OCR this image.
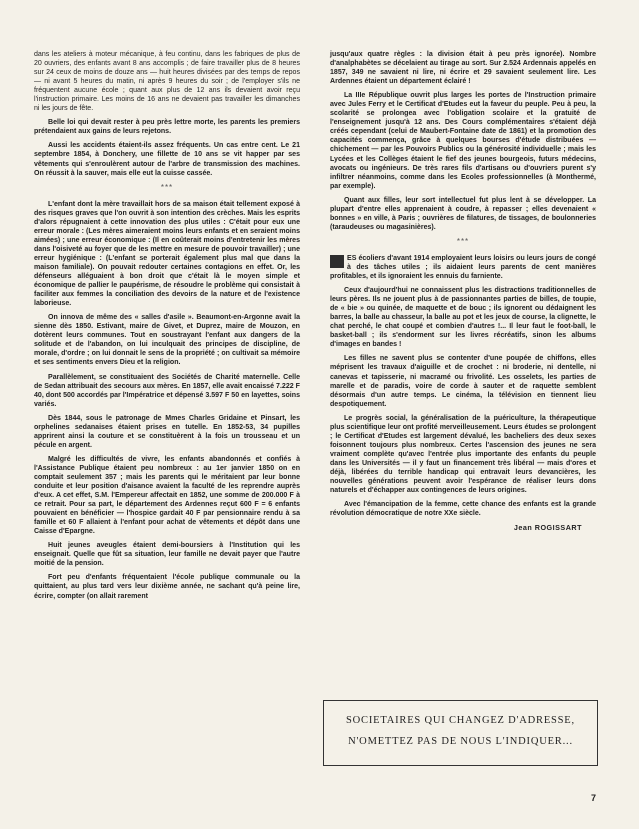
dans les ateliers à moteur mécanique, à feu continu, dans les fabriques de plus de 20 ouvriers, des enfants avant 8 ans accomplis ; de faire travailler plus de 8 heures sur 24 ceux de moins de douze ans — huit heures divisées par des temps de repos — ni avant 5 heures du matin, ni après 9 heures du soir ; de l'employer s'ils ne fréquentent aucune école ; quant aux plus de 12 ans ils devaient avoir reçu l'instruction primaire. Les moins de 16 ans ne devaient pas travailler les dimanches ni les jours de fête.

Belle loi qui devait rester à peu près lettre morte, les parents les premiers prétendaient aux gains de leurs rejetons.

Aussi les accidents étaient-ils assez fréquents. Un cas entre cent. Le 21 septembre 1854, à Donchery, une fillette de 10 ans se vit happer par ses vêtements qui s'enroulèrent autour de l'arbre de transmission des machines. On réussit à la sauver, mais elle eut la cuisse cassée.

***

L'enfant dont la mère travaillait hors de sa maison était tellement exposé à des risques graves que l'on ouvrit à son intention des crèches. Mais les esprits d'alors répugnaient à cette innovation des plus utiles : C'était pour eux une erreur morale : (Les mères aimeraient moins leurs enfants et en seraient moins aimées) ; une erreur économique : (Il en coûterait moins d'entretenir les mères dans l'oisiveté au foyer que de les mettre en mesure de pouvoir travailler) ; une erreur hygiénique : (L'enfant se porterait également plus mal que dans la maison familiale). On pouvait redouter certaines contagions en effet. Or, les défenseurs alléguaient à bon droit que c'était là le moyen simple et économique de pallier le paupérisme, de résoudre le problème qui consistait à faciliter aux femmes la conciliation des devoirs de la nature et de l'existence laborieuse.

On innova de même des « salles d'asile ». Beaumont-en-Argonne avait la sienne dès 1850. Estivant, maire de Givet, et Duprez, maire de Mouzon, en dotèrent leurs communes. Tout en soustrayant l'enfant aux dangers de la solitude et de l'abandon, on lui inculquait des principes de discipline, de morale, d'ordre ; on lui donnait le sens de la propriété ; on cultivait sa mémoire et ses sentiments envers Dieu et la religion.

Parallèlement, se constituaient des Sociétés de Charité maternelle. Celle de Sedan attribuait des secours aux mères. En 1857, elle avait encaissé 7.222 F 40, dont 500 accordés par l'Impératrice et dépensé 3.597 F 50 en layettes, soins variés.

Dès 1844, sous le patronage de Mmes Charles Gridaine et Pinsart, les orphelines sedanaises étaient prises en tutelle. En 1852-53, 34 pupilles apprirent ainsi la couture et se constituèrent à la fois un trousseau et un pécule en argent.

Malgré les difficultés de vivre, les enfants abandonnés et confiés à l'Assistance Publique étaient peu nombreux : au 1er janvier 1850 on en comptait seulement 357 ; mais les parents qui le méritaient par leur bonne conduite et leur position d'aisance avaient la faculté de les reprendre auprès d'eux. A cet effet, S.M. l'Empereur affectait en 1852, une somme de 200.000 F à ce retrait. Pour sa part, le département des Ardennes reçut 600 F = 6 enfants pouvaient en bénéficier — l'hospice gardait 40 F par pensionnaire rendu à sa famille et 60 F allaient à l'enfant pour achat de vêtements et dépôt dans une Caisse d'Epargne.

Huit jeunes aveugles étaient demi-boursiers à l'Institution qui les enseignait. Quelle que fût sa situation, leur famille ne devait payer que l'autre moitié de la pension.

Fort peu d'enfants fréquentaient l'école publique communale ou la quittaient, au plus tard vers leur dixième année, ne sachant qu'à peine lire, écrire, compter (on allait rarement

jusqu'aux quatre règles : la division était à peu près ignorée). Nombre d'analphabètes se décelaient au tirage au sort. Sur 2.524 Ardennais appelés en 1857, 349 ne savaient ni lire, ni écrire et 29 savaient seulement lire. Les Ardennes étaient un département éclairé !

La IIIe République ouvrit plus larges les portes de l'Instruction primaire avec Jules Ferry et le Certificat d'Etudes eut la faveur du peuple. Peu à peu, la scolarité se prolongea avec l'obligation scolaire et la gratuité de l'enseignement jusqu'à 12 ans. Des Cours complémentaires s'étaient déjà créés cependant (celui de Maubert-Fontaine date de 1861) et la promotion des capacités commença, grâce à quelques bourses d'étude distribuées — chichement — par les Pouvoirs Publics ou la générosité individuelle ; mais les Lycées et les Collèges étaient le fief des jeunes bourgeois, futurs médecins, avocats ou ingénieurs. De très rares fils d'artisans ou d'ouvriers purent s'y infiltrer néanmoins, comme dans les Ecoles professionnelles (à Monthermé, par exemple).

Quant aux filles, leur sort intellectuel fut plus lent à se développer. La plupart d'entre elles apprenaient à coudre, à repasser ; elles devenaient « bonnes » en ville, à Paris ; ouvrières de filatures, de tissages, de boulonneries (taraudeuses ou magasinières).

***

ES écoliers d'avant 1914 employaient leurs loisirs ou leurs jours de congé à des tâches utiles ; ils aidaient leurs parents de cent manières profitables, et ils ignoraient les ennuis du farniente.

Ceux d'aujourd'hui ne connaissent plus les distractions traditionnelles de leurs pères. Ils ne jouent plus à de passionnantes parties de billes, de toupie, de « bie » ou quinée, de maquette et de bouc ; ils ignorent ou dédaignent les barres, la balle au chasseur, la balle au pot et les jeux de course, la clignette, le chat perché, le chat coupé et combien d'autres !... Il leur faut le foot-ball, le basket-ball ; ils s'endorment sur les livres récréatifs, sinon les albums d'images en bandes !

Les filles ne savent plus se contenter d'une poupée de chiffons, elles méprisent les travaux d'aiguille et de crochet : ni broderie, ni dentelle, ni canevas et tapisserie, ni macramé ou frivolité. Les osselets, les parties de marelle et de paradis, voire de corde à sauter et de raquette semblent désormais d'un autre temps. Le cinéma, la télévision en tiennent lieu despotiquement.

Le progrès social, la généralisation de la puériculture, la thérapeutique plus scientifique leur ont profité merveilleusement. Leurs études se prolongent ; le Certificat d'Etudes est largement dévalué, les bacheliers des deux sexes foisonnent toujours plus nombreux. Certes l'ascension des jeunes ne sera vraiment complète qu'avec l'entrée plus importante des enfants du peuple dans les Universités — il y faut un financement très libéral — mais d'ores et déjà, libérées du terrible handicap qui entravait leurs devancières, les nouvelles générations peuvent avoir l'espérance de réaliser leurs dons naturels et d'échapper aux contingences de leurs origines.

Avec l'émancipation de la femme, cette chance des enfants est la grande révolution démocratique de notre XXe siècle.

Jean ROGISSART
SOCIETAIRES QUI CHANGEZ D'ADRESSE,
N'OMETTEZ PAS DE NOUS L'INDIQUER...
7
